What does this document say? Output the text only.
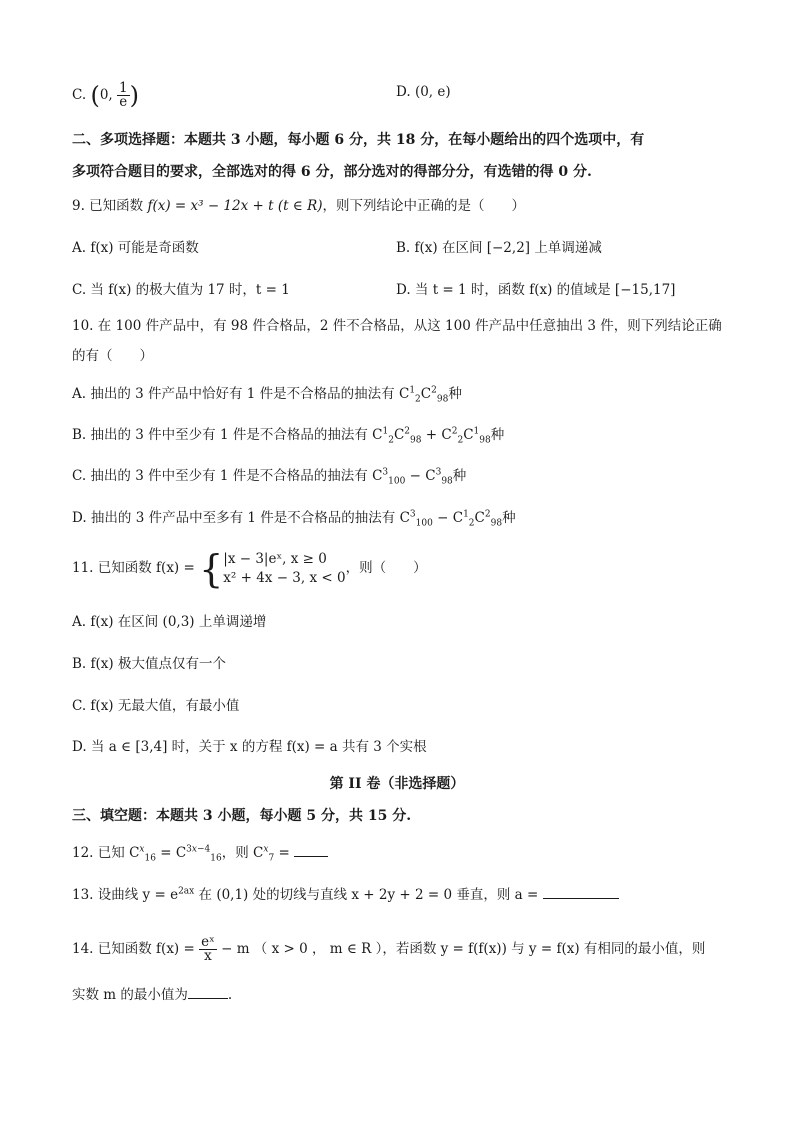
C. (0, $\frac{1}{e}$ )	D. (0, e)
二、多项选择题：本题共 3 小题，每小题 6 分，共 18 分，在每小题给出的四个选项中，有
多项符合题目的要求，全部选对的得 6 分，部分选对的得部分分，有选错的得 0 分.
9. 已知函数 f(x) = x³ − 12x + t (t ∈ R)，则下列结论中正确的是（　　）
A. f(x) 可能是奇函数	B. f(x) 在区间 [−2,2] 上单调递减
C. 当 f(x) 的极大值为 17 时，t = 1	D. 当 t = 1 时，函数 f(x) 的值域是 [−15,17]
10. 在 100 件产品中，有 98 件合格品，2 件不合格品，从这 100 件产品中任意抽出 3 件，则下列结论正确
的有（　　）
A. 抽出的 3 件产品中恰好有 1 件是不合格品的抽法有 $C^1_2C^2_{98}$种
B. 抽出的 3 件中至少有 1 件是不合格品的抽法有 $C^1_2C^2_{98} + C^2_2C^1_{98}$种
C. 抽出的 3 件中至少有 1 件是不合格品的抽法有 $C^3_{100} - C^3_{98}$种
D. 抽出的 3 件产品中至多有 1 件是不合格品的抽法有 $C^3_{100} - C^1_2C^2_{98}$种
11. 已知函数 f(x) = { |x − 3|eˣ, x ≥ 0
x² + 4x − 3, x < 0
，则（　　）
A. f(x) 在区间 (0,3) 上单调递增
B. f(x) 极大值点仅有一个
C. f(x) 无最大值，有最小值
D. 当 a ∈ [3,4] 时，关于 x 的方程 f(x) = a 共有 3 个实根
第 II 卷（非选择题）
三、填空题：本题共 3 小题，每小题 5 分，共 15 分.
12. 已知 $C^x_{16} = C^{3x-4}_{16}$，则 $C^x_7$ =
13. 设曲线 $y = e^{2ax}$ 在 (0,1) 处的切线与直线 x + 2y + 2 = 0 垂直，则 a =
14. 已知函数 $f(x) = \frac{\text{eˣ}}{x} - m$ （ x > 0 ， m ∈ R ），若函数 y = f(f(x)) 与 y = f(x) 有相同的最小值，则
实数 m 的最小值为	.
